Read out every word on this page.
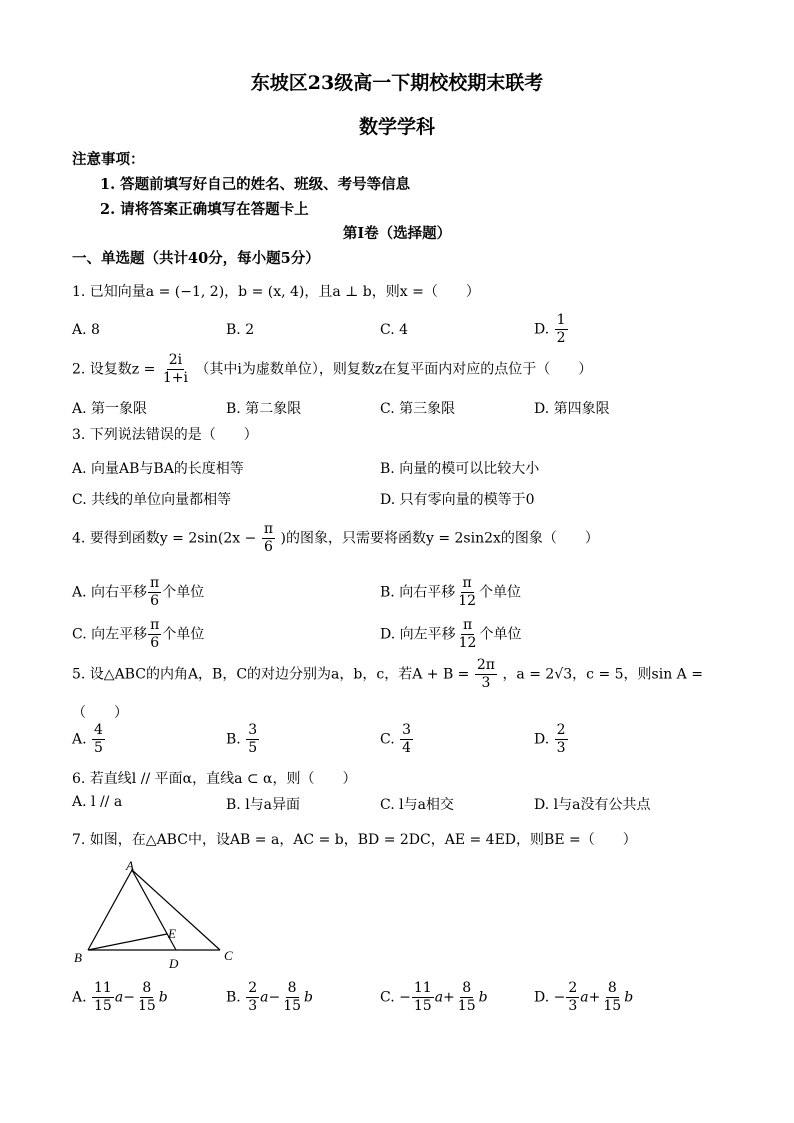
东坡区23级高一下期校校期末联考
数学学科
注意事项：
1. 答题前填写好自己的姓名、班级、考号等信息
2. 请将答案正确填写在答题卡上
第Ⅰ卷（选择题）
一、单选题（共计40分，每小题5分）
1. 已知向量a = (−1, 2)，b = (x, 4)，且a ⊥ b，则x =（　　）
A. 8	B. 2	C. 4	D. $\frac{1}{2}$
2. 设复数$z = \frac{2i}{1+i}$ （其中i为虚数单位），则复数z在复平面内对应的点位于（　　）
A. 第一象限	B. 第二象限	C. 第三象限	D. 第四象限
3. 下列说法错误的是（　　）
A. 向量AB与BA的长度相等	B. 向量的模可以比较大小
C. 共线的单位向量都相等	D. 只有零向量的模等于0
4. 要得到函数$y = 2\sin(2x - \frac{\pi}{6}$ )的图象，只需要将函数y = 2sin2x的图象（　　）
A. 向右平移 $\frac{\pi}{6}$ 个单位	B. 向右平移 $\frac{\pi}{12}$ 个单位
C. 向左平移 $\frac{\pi}{6}$ 个单位	D. 向左平移 $\frac{\pi}{12}$ 个单位
5. 设△ABC的内角A，B，C的对边分别为a，b，c，若$A + B = \frac{2\pi}{3}$ ，a = 2√3，c = 5，则sin A =
（　　）
A. $\frac{4}{5}$	B. $\frac{3}{5}$	C. $\frac{3}{4}$	D. $\frac{2}{3}$
6. 若直线l // 平面α，直线a ⊂ α，则（　　）
A. l // a	B. l与a异面	C. l与a相交	D. l与a没有公共点
7. 如图，在△ABC中，设AB = a，AC = b，BD = 2DC，AE = 4ED，则BE =（　　）
A
B	C
D
E
A. $\frac{11}{15} a- \frac{8}{15}$ b	B. $\frac{2}{3} a- \frac{8}{15}$ b	C. − $\frac{11}{15} a+ \frac{8}{15}$ b	D. − $\frac{2}{3} a+ \frac{8}{15}$ b
